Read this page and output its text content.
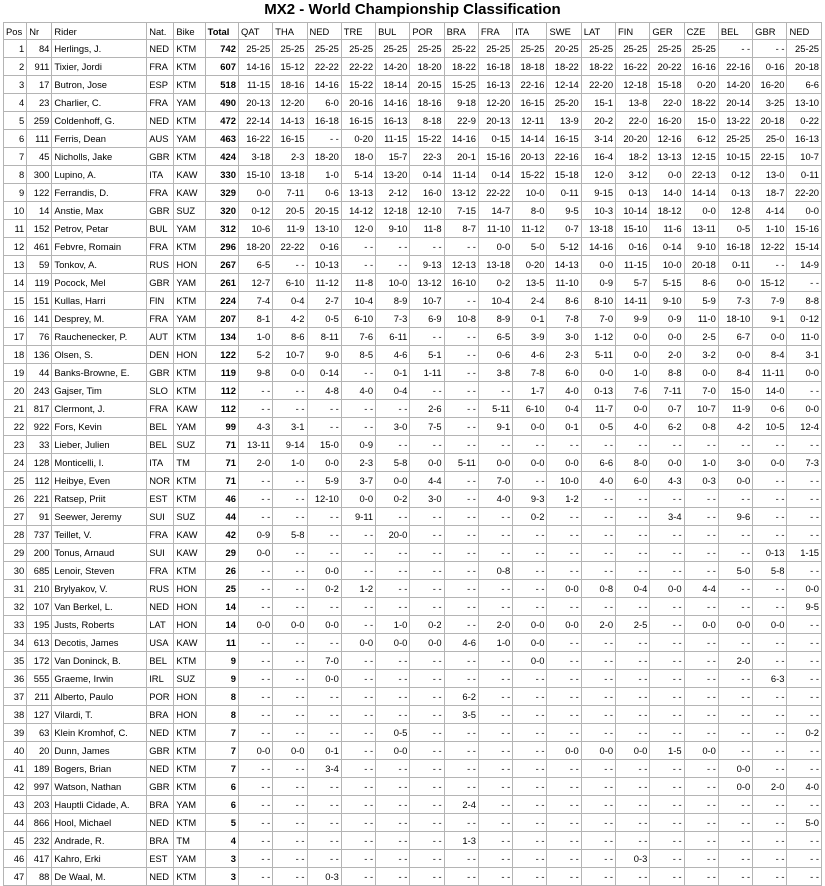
MX2 - World Championship Classification
Pos	Nr	Rider	Nat.	Bike	Total	QAT	THA	NED	TRE	BUL	POR	BRA	FRA	ITA	SWE	LAT	FIN	GER	CZE	BEL	GBR	NED
1	84	Herlings, J.	NED	KTM	742	25-25	25-25	25-25	25-25	25-25	25-25	25-22	25-25	25-25	20-25	25-25	25-25	25-25	25-25	- -	- -	25-25
2	911	Tixier, Jordi	FRA	KTM	607	14-16	15-12	22-22	22-22	14-20	18-20	18-22	16-18	18-18	18-22	18-22	16-22	20-22	16-16	22-16	0-16	20-18
3	17	Butron, Jose	ESP	KTM	518	11-15	18-16	14-16	15-22	18-14	20-15	15-25	16-13	22-16	12-14	22-20	12-18	15-18	0-20	14-20	16-20	6-6
4	23	Charlier, C.	FRA	YAM	490	20-13	12-20	6-0	20-16	14-16	18-16	9-18	12-20	16-15	25-20	15-1	13-8	22-0	18-22	20-14	3-25	13-10
5	259	Coldenhoff, G.	NED	KTM	472	22-14	14-13	16-18	16-15	16-13	8-18	22-9	20-13	12-11	13-9	20-2	22-0	16-20	15-0	13-22	20-18	0-22
6	111	Ferris, Dean	AUS	YAM	463	16-22	16-15	- -	0-20	11-15	15-22	14-16	0-15	14-14	16-15	3-14	20-20	12-16	6-12	25-25	25-0	16-13
7	45	Nicholls, Jake	GBR	KTM	424	3-18	2-3	18-20	18-0	15-7	22-3	20-1	15-16	20-13	22-16	16-4	18-2	13-13	12-15	10-15	22-15	10-7
8	300	Lupino, A.	ITA	KAW	330	15-10	13-18	1-0	5-14	13-20	0-14	11-14	0-14	15-22	15-18	12-0	3-12	0-0	22-13	0-12	13-0	0-11
9	122	Ferrandis, D.	FRA	KAW	329	0-0	7-11	0-6	13-13	2-12	16-0	13-12	22-22	10-0	0-11	9-15	0-13	14-0	14-14	0-13	18-7	22-20
10	14	Anstie, Max	GBR	SUZ	320	0-12	20-5	20-15	14-12	12-18	12-10	7-15	14-7	8-0	9-5	10-3	10-14	18-12	0-0	12-8	4-14	0-0
11	152	Petrov, Petar	BUL	YAM	312	10-6	11-9	13-10	12-0	9-10	11-8	8-7	11-10	11-12	0-7	13-18	15-10	11-6	13-11	0-5	1-10	15-16
12	461	Febvre, Romain	FRA	KTM	296	18-20	22-22	0-16	- -	- -	- -	- -	0-0	5-0	5-12	14-16	0-16	0-14	9-10	16-18	12-22	15-14
13	59	Tonkov, A.	RUS	HON	267	6-5	- -	10-13	- -	- -	9-13	12-13	13-18	0-20	14-13	0-0	11-15	10-0	20-18	0-11	- -	14-9
14	119	Pocock, Mel	GBR	YAM	261	12-7	6-10	11-12	11-8	10-0	13-12	16-10	0-2	13-5	11-10	0-9	5-7	5-15	8-6	0-0	15-12	- -
15	151	Kullas, Harri	FIN	KTM	224	7-4	0-4	2-7	10-4	8-9	10-7	- -	10-4	2-4	8-6	8-10	14-11	9-10	5-9	7-3	7-9	8-8
16	141	Desprey, M.	FRA	YAM	207	8-1	4-2	0-5	6-10	7-3	6-9	10-8	8-9	0-1	7-8	7-0	9-9	0-9	11-0	18-10	9-1	0-12
17	76	Rauchenecker, P.	AUT	KTM	134	1-0	8-6	8-11	7-6	6-11	- -	- -	6-5	3-9	3-0	1-12	0-0	0-0	2-5	6-7	0-0	11-0
18	136	Olsen, S.	DEN	HON	122	5-2	10-7	9-0	8-5	4-6	5-1	- -	0-6	4-6	2-3	5-11	0-0	2-0	3-2	0-0	8-4	3-1
19	44	Banks-Browne, E.	GBR	KTM	119	9-8	0-0	0-14	- -	0-1	1-11	- -	3-8	7-8	6-0	0-0	1-0	8-8	0-0	8-4	11-11	0-0
20	243	Gajser, Tim	SLO	KTM	112	- -	- -	4-8	4-0	0-4	- -	- -	- -	1-7	4-0	0-13	7-6	7-11	7-0	15-0	14-0	- -
21	817	Clermont, J.	FRA	KAW	112	- -	- -	- -	- -	- -	2-6	- -	5-11	6-10	0-4	11-7	0-0	0-7	10-7	11-9	0-6	0-0
22	922	Fors, Kevin	BEL	YAM	99	4-3	3-1	- -	- -	3-0	7-5	- -	9-1	0-0	0-1	0-5	4-0	6-2	0-8	4-2	10-5	12-4
23	33	Lieber, Julien	BEL	SUZ	71	13-11	9-14	15-0	0-9	- -	- -	- -	- -	- -	- -	- -	- -	- -	- -	- -	- -	- -
24	128	Monticelli, I.	ITA	TM	71	2-0	1-0	0-0	2-3	5-8	0-0	5-11	0-0	0-0	0-0	6-6	8-0	0-0	1-0	3-0	0-0	7-3
25	112	Heibye, Even	NOR	KTM	71	- -	- -	5-9	3-7	0-0	4-4	- -	7-0	- -	10-0	4-0	6-0	4-3	0-3	0-0	- -	- -
26	221	Ratsep, Priit	EST	KTM	46	- -	- -	12-10	0-0	0-2	3-0	- -	4-0	9-3	1-2	- -	- -	- -	- -	- -	- -	- -
27	91	Seewer, Jeremy	SUI	SUZ	44	- -	- -	- -	9-11	- -	- -	- -	- -	0-2	- -	- -	- -	3-4	- -	9-6	- -	- -
28	737	Teillet, V.	FRA	KAW	42	0-9	5-8	- -	- -	20-0	- -	- -	- -	- -	- -	- -	- -	- -	- -	- -	- -	- -
29	200	Tonus, Arnaud	SUI	KAW	29	0-0	- -	- -	- -	- -	- -	- -	- -	- -	- -	- -	- -	- -	- -	- -	0-13	1-15
30	685	Lenoir, Steven	FRA	KTM	26	- -	- -	0-0	- -	- -	- -	- -	0-8	- -	- -	- -	- -	- -	- -	5-0	5-8	- -
31	210	Brylyakov, V.	RUS	HON	25	- -	- -	0-2	1-2	- -	- -	- -	- -	- -	0-0	0-8	0-4	0-0	4-4	- -	- -	0-0
32	107	Van Berkel, L.	NED	HON	14	- -	- -	- -	- -	- -	- -	- -	- -	- -	- -	- -	- -	- -	- -	- -	- -	9-5
33	195	Justs, Roberts	LAT	HON	14	0-0	0-0	0-0	- -	1-0	0-2	- -	2-0	0-0	0-0	2-0	2-5	- -	0-0	0-0	0-0	- -
34	613	Decotis, James	USA	KAW	11	- -	- -	- -	0-0	0-0	0-0	4-6	1-0	0-0	- -	- -	- -	- -	- -	- -	- -	- -
35	172	Van Doninck, B.	BEL	KTM	9	- -	- -	7-0	- -	- -	- -	- -	- -	0-0	- -	- -	- -	- -	- -	2-0	- -	- -
36	555	Graeme, Irwin	IRL	SUZ	9	- -	- -	0-0	- -	- -	- -	- -	- -	- -	- -	- -	- -	- -	- -	- -	6-3	- -
37	211	Alberto, Paulo	POR	HON	8	- -	- -	- -	- -	- -	- -	6-2	- -	- -	- -	- -	- -	- -	- -	- -	- -	- -
38	127	Vilardi, T.	BRA	HON	8	- -	- -	- -	- -	- -	- -	3-5	- -	- -	- -	- -	- -	- -	- -	- -	- -	- -
39	63	Klein Kromhof, C.	NED	KTM	7	- -	- -	- -	- -	0-5	- -	- -	- -	- -	- -	- -	- -	- -	- -	- -	- -	0-2
40	20	Dunn, James	GBR	KTM	7	0-0	0-0	0-1	- -	0-0	- -	- -	- -	- -	0-0	0-0	0-0	1-5	0-0	- -	- -	- -
41	189	Bogers, Brian	NED	KTM	7	- -	- -	3-4	- -	- -	- -	- -	- -	- -	- -	- -	- -	- -	- -	0-0	- -	- -
42	997	Watson, Nathan	GBR	KTM	6	- -	- -	- -	- -	- -	- -	- -	- -	- -	- -	- -	- -	- -	- -	0-0	2-0	4-0
43	203	Hauptli Cidade, A.	BRA	YAM	6	- -	- -	- -	- -	- -	- -	2-4	- -	- -	- -	- -	- -	- -	- -	- -	- -	- -
44	866	Hool, Michael	NED	KTM	5	- -	- -	- -	- -	- -	- -	- -	- -	- -	- -	- -	- -	- -	- -	- -	- -	5-0
45	232	Andrade, R.	BRA	TM	4	- -	- -	- -	- -	- -	- -	1-3	- -	- -	- -	- -	- -	- -	- -	- -	- -	- -
46	417	Kahro, Erki	EST	YAM	3	- -	- -	- -	- -	- -	- -	- -	- -	- -	- -	- -	0-3	- -	- -	- -	- -	- -
47	88	De Waal, M.	NED	KTM	3	- -	- -	0-3	- -	- -	- -	- -	- -	- -	- -	- -	- -	- -	- -	- -	- -	- -
